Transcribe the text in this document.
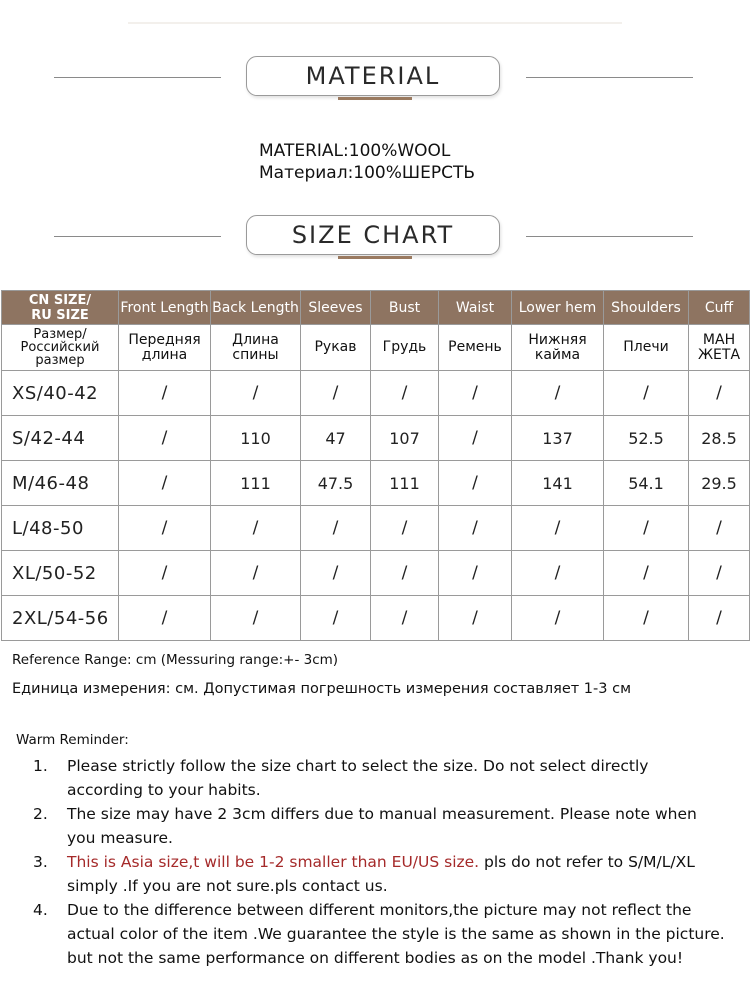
MATERIAL
MATERIAL:100%WOOL
Материал:100%ШЕРСТЬ
SIZE CHART
CN SIZE/
RU SIZE	Front Length	Back Length	Sleeves	Bust	Waist	Lower hem	Shoulders	Cuff
Размер/
Российский
размер	Передняя
длина	Длина
спины	Рукав	Грудь	Ремень	Нижняя
кайма	Плечи	МАН
ЖЕТА
XS/40-42	/	/	/	/	/	/	/	/
S/42-44	/	110	47	107	/	137	52.5	28.5
M/46-48	/	111	47.5	111	/	141	54.1	29.5
L/48-50	/	/	/	/	/	/	/	/
XL/50-52	/	/	/	/	/	/	/	/
2XL/54-56	/	/	/	/	/	/	/	/
Reference Range: cm (Messuring range:+- 3cm)
Единица измерения: см. Допустимая погрешность измерения составляет 1-3 см
Warm Reminder:
1.	Please strictly follow the size chart to select the size. Do not select directly according to your habits.
2.	The size may have 2 3cm differs due to manual measurement. Please note when you measure.
3.	This is Asia size,t will be 1-2 smaller than EU/US size. pls do not refer to S/M/L/XL simply .If you are not sure.pls contact us.
4.	Due to the difference between different monitors,the picture may not reflect the actual color of the item .We guarantee the style is the same as shown in the picture. but not the same performance on different bodies as on the model .Thank you!
